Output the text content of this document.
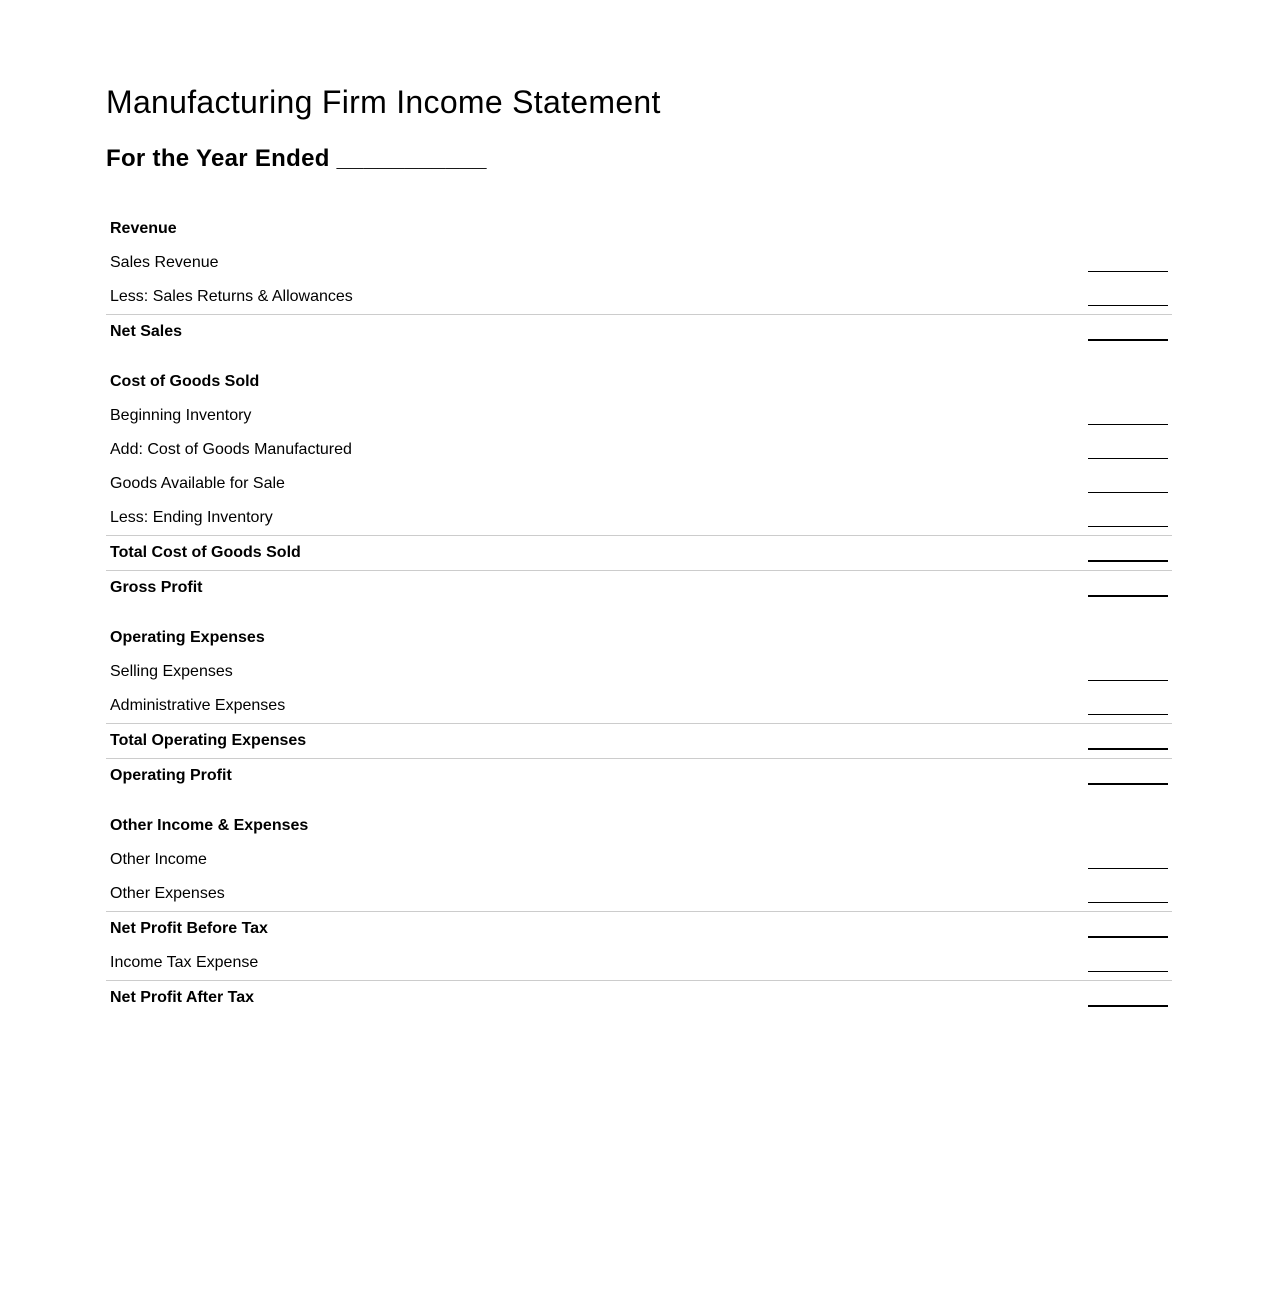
Manufacturing Firm Income Statement
For the Year Ended ___________
Revenue
Sales Revenue
Less: Sales Returns & Allowances
Net Sales
Cost of Goods Sold
Beginning Inventory
Add: Cost of Goods Manufactured
Goods Available for Sale
Less: Ending Inventory
Total Cost of Goods Sold
Gross Profit
Operating Expenses
Selling Expenses
Administrative Expenses
Total Operating Expenses
Operating Profit
Other Income & Expenses
Other Income
Other Expenses
Net Profit Before Tax
Income Tax Expense
Net Profit After Tax
